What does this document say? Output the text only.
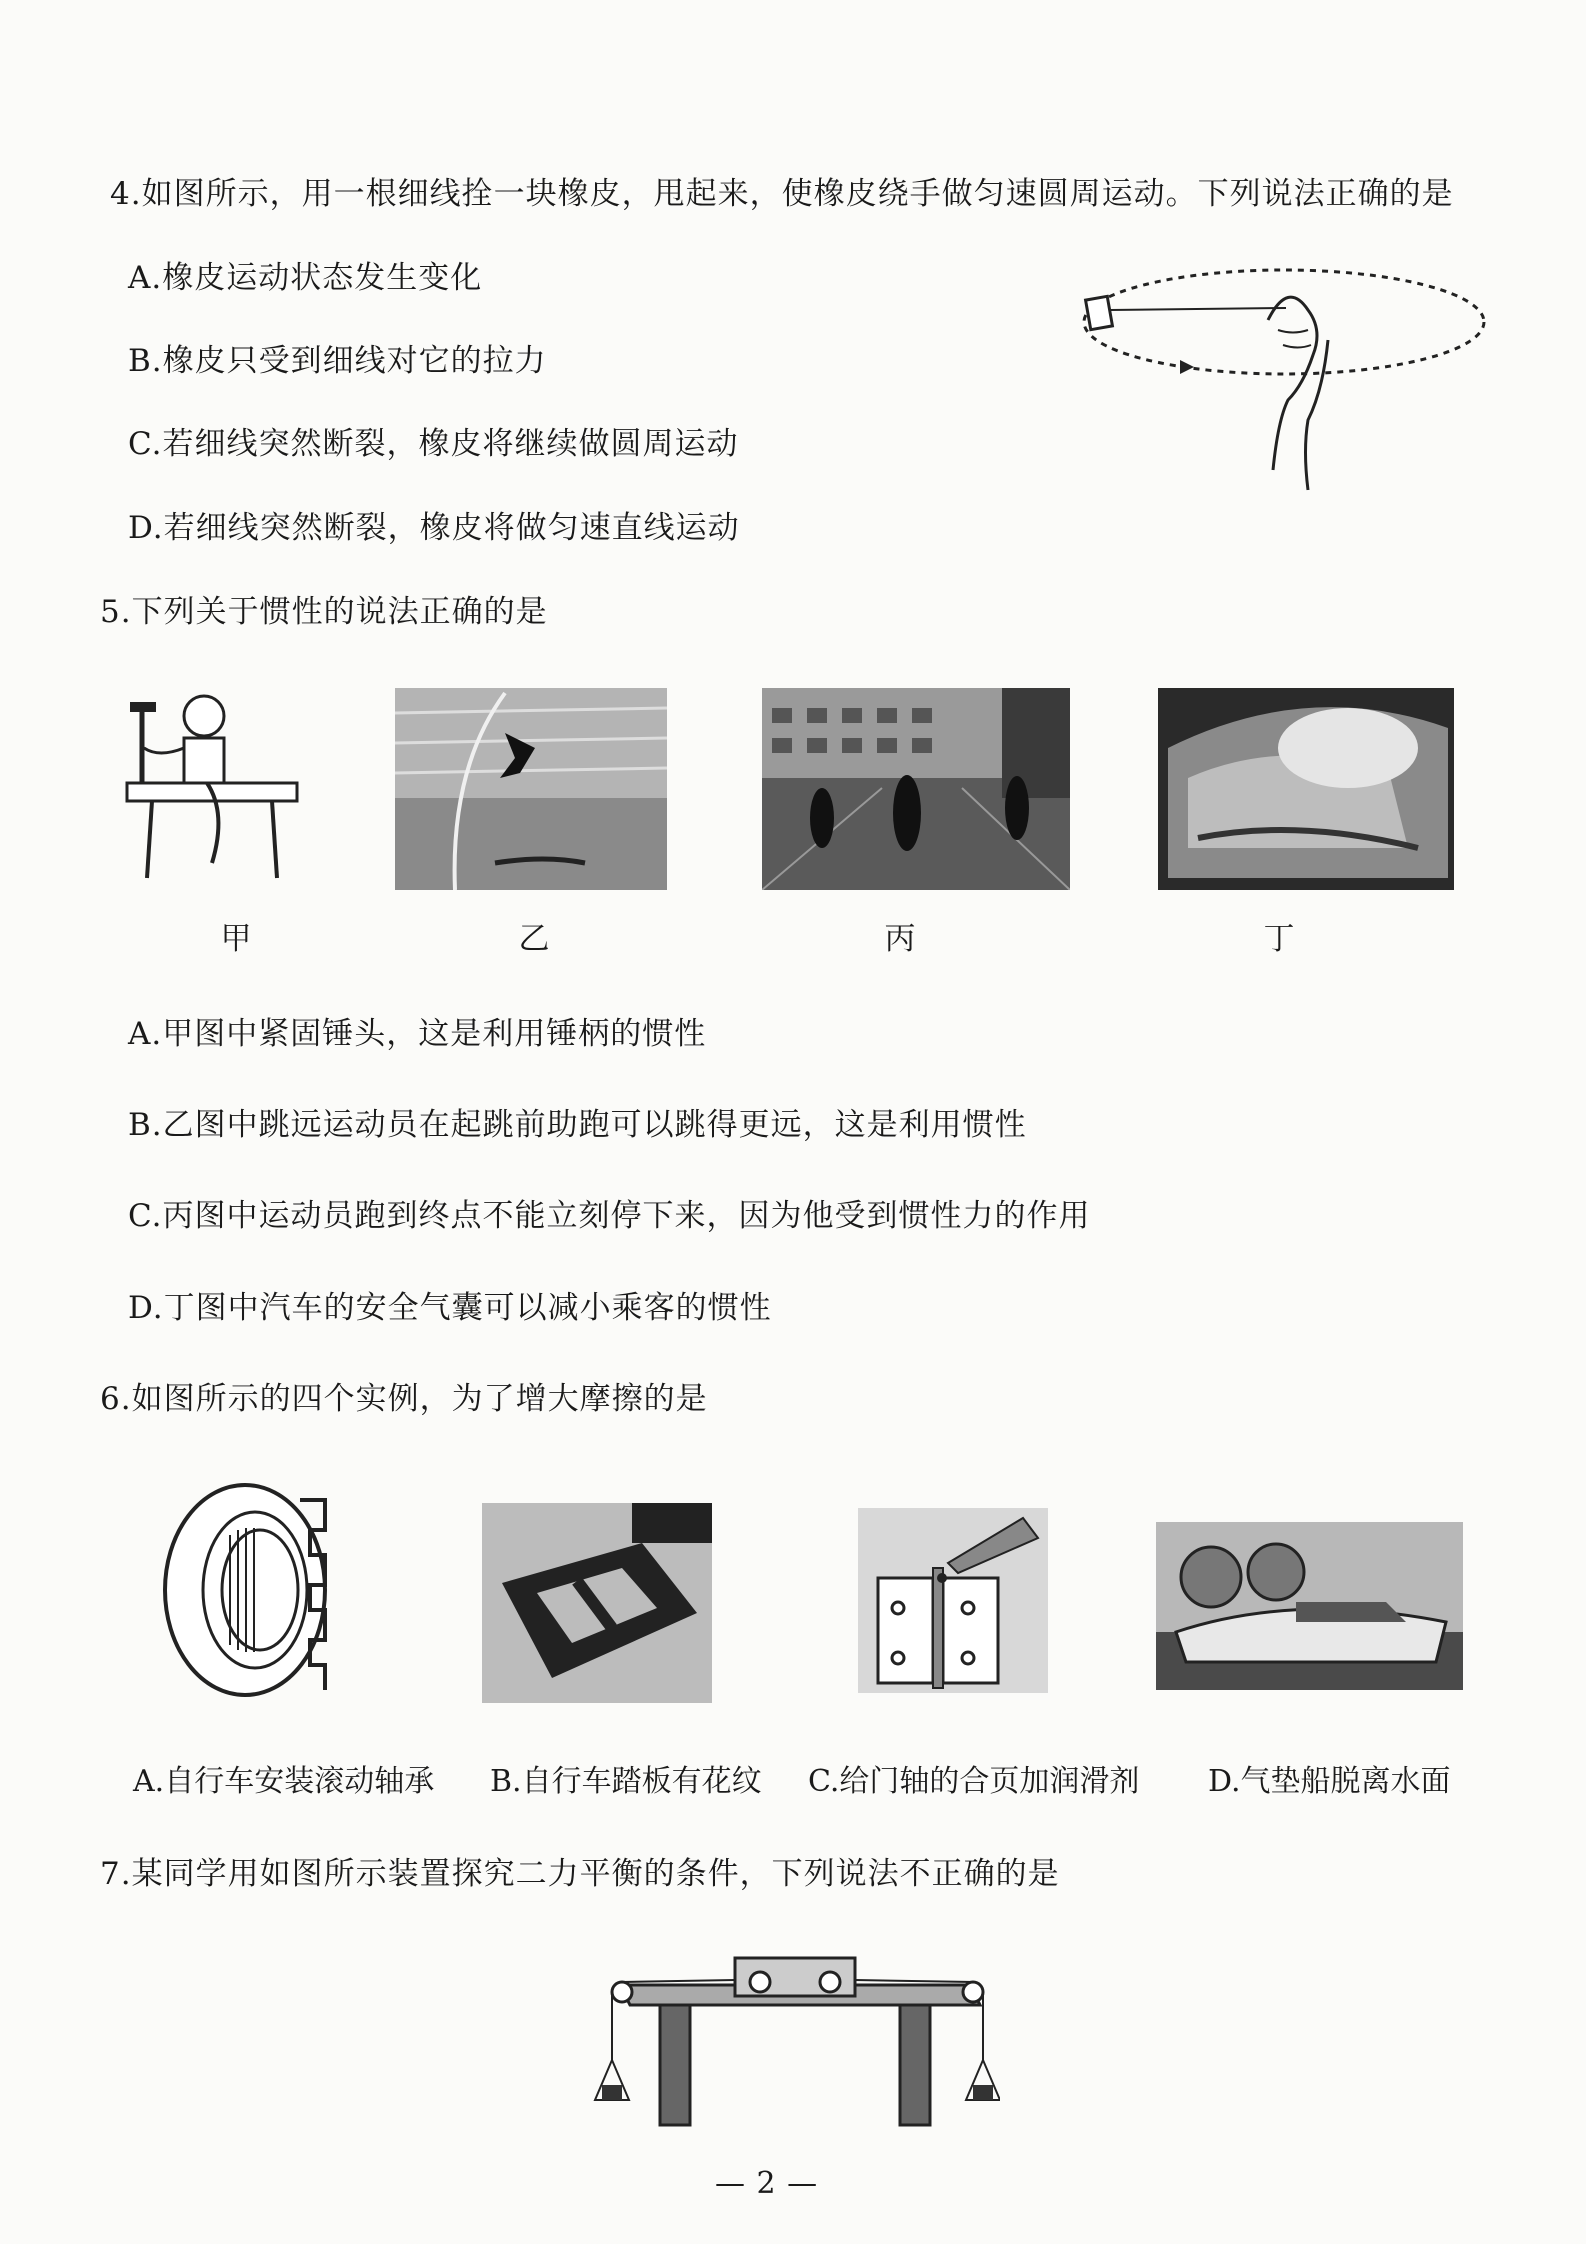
4.如图所示，用一根细线拴一块橡皮，甩起来，使橡皮绕手做匀速圆周运动。下列说法正确的是
A.橡皮运动状态发生变化
B.橡皮只受到细线对它的拉力
C.若细线突然断裂，橡皮将继续做圆周运动
D.若细线突然断裂，橡皮将做匀速直线运动
5.下列关于惯性的说法正确的是
甲	乙	丙	丁
A.甲图中紧固锤头，这是利用锤柄的惯性
B.乙图中跳远运动员在起跳前助跑可以跳得更远，这是利用惯性
C.丙图中运动员跑到终点不能立刻停下来，因为他受到惯性力的作用
D.丁图中汽车的安全气囊可以减小乘客的惯性
6.如图所示的四个实例，为了增大摩擦的是
A.自行车安装滚动轴承 B.自行车踏板有花纹 C.给门轴的合页加润滑剂 D.气垫船脱离水面
7.某同学用如图所示装置探究二力平衡的条件，下列说法不正确的是
— 2 —
